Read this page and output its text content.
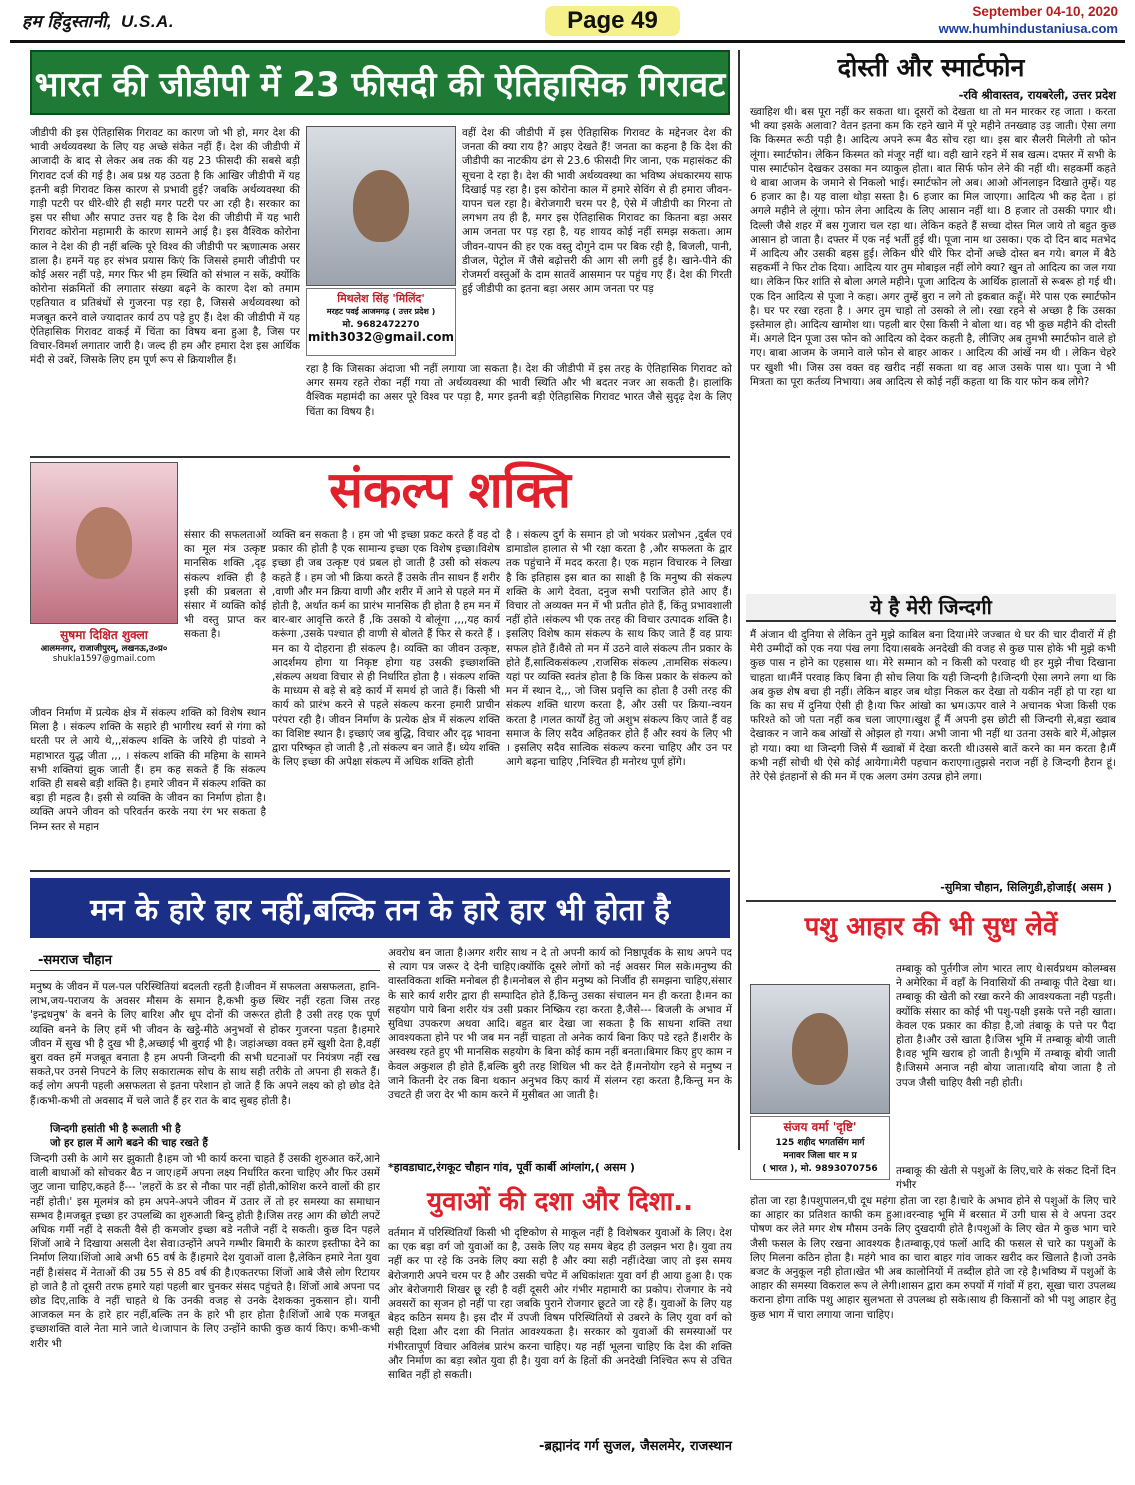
हम हिंदुस्तानी, U.S.A.	Page 49	September 04-10, 2020
www.humhindustaniusa.com
भारत की जीडीपी में 23 फीसदी की ऐतिहासिक गिरावट
जीडीपी की इस ऐतिहासिक गिरावट का कारण जो भी हो, मगर देश की भावी अर्थव्यवस्था के लिए यह अच्छे संकेत नहीं हैं। देश की जीडीपी में आजादी के बाद से लेकर अब तक की यह 23 फीसदी की सबसे बड़ी गिरावट दर्ज की गई है। अब प्रश्न यह उठता है कि आखिर जीडीपी में यह इतनी बड़ी गिरावट किस कारण से प्रभावी हुई? जबकि अर्थव्यवस्था की गाड़ी पटरी पर धीरे-धीरे ही सही मगर पटरी पर आ रही है। सरकार का इस पर सीधा और सपाट उत्तर यह है कि देश की जीडीपी में यह भारी गिरावट कोरोना महामारी के कारण सामने आई है। इस वैश्विक कोरोना काल ने देश की ही नहीं बल्कि पूरे विश्व की जीडीपी पर ऋणात्मक असर डाला है। हमनें यह हर संभव प्रयास किएं कि जिससे हमारी जीडीपी पर कोई असर नहीं पड़े, मगर फिर भी हम स्थिति को संभाल न सकें, क्योंकि कोरोना संक्रमितों की लगातार संख्या बढ़ने के कारण देश को तमाम एहतियात व प्रतिबंधों से गुजरना पड़ रहा है, जिससे अर्थव्यवस्था को मजबूत करने वाले ज्यादातर कार्य ठप पड़े हुए हैं। देश की जीडीपी में यह ऐतिहासिक गिरावट वाकई में चिंता का विषय बना हुआ है, जिस पर विचार-विमर्श लगातार जारी है। जल्द ही हम और हमारा देश इस आर्थिक मंदी से उबरें, जिसके लिए हम पूर्ण रूप से क्रियाशील हैं।
मिथलेश सिंह 'मिलिंद'
मरहट पवई आजमगढ़ ( उत्तर प्रदेश )
मो. 9682472270
mith3032@gmail.com
वहीं देश की जीडीपी में इस ऐतिहासिक गिरावट के मद्देनजर देश की जनता की क्या राय है? आइए देखते हैं! जनता का कहना है कि देश की जीडीपी का नाटकीय ढंग से 23.6 फीसदी गिर जाना, एक महासंकट की सूचना दे रहा है। देश की भावी अर्थव्यवस्था का भविष्य अंधकारमय साफ दिखाई पड़ रहा है। इस कोरोना काल में हमारे सेविंग से ही हमारा जीवन-यापन चल रहा है। बेरोजगारी चरम पर है, ऐसे में जीडीपी का गिरना तो लगभग तय ही है, मगर इस ऐतिहासिक गिरावट का कितना बड़ा असर आम जनता पर पड़ रहा है, यह शायद कोई नहीं समझ सकता। आम जीवन-यापन की हर एक वस्तु दोगुने दाम पर बिक रही है, बिजली, पानी, डीजल, पेट्रोल में जैसे बढ़ोत्तरी की आग सी लगी हुई है। खाने-पीने की रोजमर्रा वस्तुओं के दाम सातवें आसमान पर पहुंच गए हैं। देश की गिरती हुई जीडीपी का इतना बड़ा असर आम जनता पर पड़
रहा है कि जिसका अंदाजा भी नहीं लगाया जा सकता है। देश की जीडीपी में इस तरह के ऐतिहासिक गिरावट को अगर समय रहते रोका नहीं गया तो अर्थव्यवस्था की भावी स्थिति और भी बदतर नजर आ सकती है। हालांकि वैश्विक महामंदी का असर पूरे विश्व पर पड़ा है, मगर इतनी बड़ी ऐतिहासिक गिरावट भारत जैसे सुदृढ़ देश के लिए चिंता का विषय है।
सुषमा दिक्षित शुक्ला
आलमनगर, राजाजीपुरम्, लखनऊ,उ०प्र०
shukla1597@gmail.com
संकल्प शक्ति
संसार की सफलताओं का मूल मंत्र उत्कृष्ट मानसिक शक्ति ,दृढ़ संकल्प शक्ति ही है इसी की प्रबलता से संसार में व्यक्ति कोई भी वस्तु प्राप्त कर सकता है।
जीवन निर्माण में प्रत्येक क्षेत्र में संकल्प शक्ति को विशेष स्थान मिला है । संकल्प शक्ति के सहारे ही भागीरथ स्वर्ग से गंगा को धरती पर ले आये थे,,,संकल्प शक्ति के जरिये ही पांडवो ने महाभारत युद्ध जीता ,,, । संकल्प शक्ति की महिमा के सामने सभी शक्तियां झुक जाती हैं। हम कह सकते हैं कि संकल्प शक्ति ही सबसे बड़ी शक्ति है। हमारे जीवन में संकल्प शक्ति का बड़ा ही महत्व है। इसी से व्यक्ति के जीवन का निर्माण होता है। व्यक्ति अपने जीवन को परिवर्तन करके नया रंग भर सकता है निम्न स्तर से महान
व्यक्ति बन सकता है । हम जो भी इच्छा प्रकट करते हैं वह दो प्रकार की होती है एक सामान्य इच्छा एक विशेष इच्छा।विशेष इच्छा ही जब उत्कृष्ट एवं प्रबल हो जाती है उसी को संकल्प कहते हैं । हम जो भी क्रिया करते हैं उसके तीन साधन हैं शरीर ,वाणी और मन क्रिया वाणी और शरीर में आने से पहले मन में होती है, अर्थात कर्म का प्रारंभ मानसिक ही होता है हम मन में बार-बार आवृत्ति करते हैं ,कि उसको ये बोलूंगा ,,,,यह कार्य करूंगा ,उसके पश्चात ही वाणी से बोलते हैं फिर से करते हैं । मन का ये दोहराना ही संकल्प है। व्यक्ति का जीवन उत्कृष्ट, आदर्शमय होगा या निकृष्ट होगा यह उसकी इच्छाशक्ति ,संकल्प अथवा विचार से ही निर्धारित होता है । संकल्प शक्ति के माध्यम से बड़े से बड़े कार्य में समर्थ हो जाते हैं। किसी भी कार्य को प्रारंभ करने से पहले संकल्प करना हमारी प्राचीन परंपरा रही है। जीवन निर्माण के प्रत्येक क्षेत्र में संकल्प शक्ति का विशिष्ट स्थान है। इच्छाएं जब बुद्धि, विचार और दृढ़ भावना द्वारा परिष्कृत हो जाती है ,तो संकल्प बन जाते हैं। ध्येय शक्ति के लिए इच्छा की अपेक्षा संकल्प में अधिक शक्ति होती
है । संकल्प दुर्ग के समान हो जो भयंकर प्रलोभन ,दुर्बल एवं डामाडोल हालात से भी रक्षा करता है ,और सफलता के द्वार तक पहुंचाने में मदद करता है। एक महान विचारक ने लिखा है कि इतिहास इस बात का साक्षी है कि मनुष्य की संकल्प शक्ति के आगे देवता, दनुज सभी पराजित होते आए हैं। विचार तो अव्यक्त मन में भी प्रतीत होते हैं, किंतु प्रभावशाली नहीं होते ।संकल्प भी एक तरह की विचार उत्पादक शक्ति है। इसलिए विशेष काम संकल्प के साथ किए जाते हैं वह प्रायः सफल होते हैं।वैसे तो मन में उठने वाले संकल्प तीन प्रकार के होते हैं,सात्विकसंकल्प ,राजसिक संकल्प ,तामसिक संकल्प। यहां पर व्यक्ति स्वतंत्र होता है कि किस प्रकार के संकल्प को मन में स्थान दे,,, जो जिस प्रवृत्ति का होता है उसी तरह की संकल्प शक्ति धारण करता है, और उसी पर क्रिया-न्वयन करता है ।गलत कार्यों हेतु जो अशुभ संकल्प किए जाते हैं वह समाज के लिए सदैव अहितकर होते हैं और स्वयं के लिए भी । इसलिए सदैव सात्विक संकल्प करना चाहिए और उन पर आगे बढ़ना चाहिए ,निश्चित ही मनोरथ पूर्ण होंगे।
दोस्ती और स्मार्टफोन
-रवि श्रीवास्तव, रायबरेली, उत्तर प्रदेश
ख्वाहिश थी। बस पूरा नहीं कर सकता था। दूसरों को देखता था तो मन मारकर रह जाता । करता भी क्या इसके अलावा? वेतन इतना कम कि रहने खाने में पूरे महीने तनख्वाह उड़ जाती। ऐसा लगा कि किस्मत रूठी पड़ी है। आदित्य अपने रूम बैठ सोच रहा था। इस बार सैलरी मिलेगी तो फोन लूंगा। स्मार्टफोन। लेकिन किस्मत को मंजूर नहीं था। वही खाने रहने में सब खत्म। दफ्तर में सभी के पास स्मार्टफोन देखकर उसका मन व्याकुल होता। बात सिर्फ फोन लेने की नहीं थी। सहकर्मी कहते थे बाबा आजम के जमाने से निकलो भाई। स्मार्टफोन लो अब। आओ ऑनलाइन दिखाते तुम्हें। यह 6 हजार का है। यह वाला थोड़ा सस्ता है। 6 हजार का मिल जाएगा। आदित्य भी कह देता । हां अगले महीने ले लूंगा। फोन लेना आदित्य के लिए आसान नहीं था। 8 हजार तो उसकी पगार थी। दिल्ली जैसे शहर में बस गुजारा चल रहा था। लेकिन कहते हैं सच्चा दोस्त मिल जाये तो बहुत कुछ आसान हो जाता है। दफ्तर में एक नई भर्ती हुई थी। पूजा नाम था उसका। एक दो दिन बाद मतभेद में आदित्य और उसकी बहस हुई। लेकिन धीरे धीरे फिर दोनों अच्छे दोस्त बन गये। बगल में बैठे सहकर्मी ने फिर टोक दिया। आदित्य यार तुम मोबाइल नहीं लोगे क्या? खुन तो आदित्य का जल गया था। लेकिन फिर शांति से बोला अगले महीने। पूजा आदित्य के आर्थिक हालातों से रूबरू हो गई थी। एक दिन आदित्य से पूजा ने कहा। अगर तुम्हें बुरा न लगे तो इकबात कहूँ। मेरे पास एक स्मार्टफोन है। घर पर रखा रहता है । अगर तुम चाहो तो उसको ले लो। रखा रहने से अच्छा है कि उसका इस्तेमाल हो। आदित्य खामोश था। पहली बार ऐसा किसी ने बोला था। वह भी कुछ महीने की दोस्ती में। अगले दिन पूजा उस फोन को आदित्य को देकर कहती है, लीजिए अब तुमभी स्मार्टफोन वाले हो गए। बाबा आजम के जमाने वाले फोन से बाहर आकर । आदित्य की आंखें नम थी । लेकिन चेहरे पर खुशी भी। जिस उस वक्त वह खरीद नहीं सकता था वह आज उसके पास था। पूजा ने भी मित्रता का पूरा कर्तव्य निभाया। अब आदित्य से कोई नहीं कहता था कि यार फोन कब लोगे?
ये है मेरी जिन्दगी
मैं अंजान थी दुनिया से लेकिन तुने मुझे काबिल बना दिया।मेरे जज्बात थे घर की चार दीवारों में ही मेरी उम्मीदों को एक नया पंख लगा दिया।सबके अनदेखी की वजह से कुछ पास होके भी मुझे कभी कुछ पास न होने का एहसास था। मेरे सम्मान को न किसी को परवाह थी हर मुझे नीचा दिखाना चाहता था।मैंनें परवाह किए बिना ही सोच लिया कि यही जिन्दगी है।जिन्दगी ऐसा लगने लगा था कि अब कुछ शेष बचा ही नहीं। लेकिन बाहर जब थोड़ा निकल कर देखा तो यकीन नहीं हो पा रहा था कि का सच में दुनिया ऐसी ही है।या फिर आंखो का भ्रम।ऊपर वाले ने अचानक भेजा किसी एक फरिश्ते को जो पता नहीं कब चला जाएगा।खुश हूँ मैं अपनी इस छोटी सी जिन्दगी से,बड़ा ख्वाब देखाकर न जाने कब आंखों से ओझल हो गया। अभी जाना भी नहीं था उतना उसके बारे में,ओझल हो गया। क्या था जिन्दगी जिसे मैं ख्वाबों में देखा करती थी।उससे बातें करने का मन करता है।मैं कभी नहीं सोची थी ऐसे कोई आयेगा।मेरी पहचान कराएगा।तुझसे नराज नहीं हे जिन्दगी हैरान हूं। तेरे ऐसे इंतहानों से की मन में एक अलग उमंग उत्पन्न होने लगा।
-सुमित्रा चौहान, सिलिगुडी,होजाई( असम )
मन के हारे हार नहीं,बल्कि तन के हारे हार भी होता है
-समराज चौहान
मनुष्य के जीवन में पल-पल परिस्थितियां बदलती रहती है।जीवन में सफलता असफलता, हानि-लाभ,जय-पराजय के अवसर मौसम के समान है,कभी कुछ स्थिर नहीं रहता जिस तरह 'इन्द्रधनुष' के बनने के लिए बारिश और धूप दोनों की जरूरत होती है उसी तरह एक पूर्ण व्यक्ति बनने के लिए हमें भी जीवन के खट्ठे-मीठे अनुभवों से होकर गुजरना पड़ता है।हमारे जीवन में सुख भी है दुख भी है,अच्छाई भी बुराई भी है। जहांअच्छा वक्त हमें खुशी देता है,वहीं बुरा वक्त हमें मजबूत बनाता है हम अपनी जिन्दगी की सभी घटनाओं पर नियंत्रण नहीं रख सकते,पर उनसे निपटने के लिए सकारात्मक सोच के साथ सही तरीके तो अपना ही सकते हैं।कई लोग अपनी पहली असफलता से इतना परेशान हो जाते हैं कि अपने लक्ष्य को हो छोड देते हैं।कभी-कभी तो अवसाद में चले जाते हैं हर रात के बाद सुबह होती है।
जिन्दगी हसांती भी है रूलाती भी है
जो हर हाल में आगे बढने की चाह रखते हैं
जिन्दगी उसी के आगे सर झुकाती है।हम जो भी कार्य करना चाहते हैं उसकी शुरुआत करें,आने वाली बाधाओं को सोचकर बैठ न जाए।हमें अपना लक्ष्य निर्धारित करना चाहिए और फिर उसमें जुट जाना चाहिए,कहते हैं--- 'लहरों के डर से नौका पार नहीं होती,कोशिश करने वालों की हार नहीं होती।' इस मूलमंत्र को हम अपने-अपने जीवन में उतार लें तो हर समस्या का समाधान सम्भव है।मजबूत इच्छा हर उपलब्धि का शुरुआती बिन्दु होती है।जिस तरह आग की छोटी लपटें अधिक गर्मी नहीं दे सकती वैसे ही कमजोर इच्छा बडे नतीजे नहीं दे सकती। कुछ दिन पहले शिंजों आबे ने दिखाया असली देश सेवा।उन्होंने अपने गम्भीर बिमारी के कारण इस्तीफा देने का निर्माण लिया।शिंजो आबे अभी 65 वर्ष के हैं।हमारे देश युवाओं वाला है,लेकिन हमारे नेता युवा नहीं है।संसद में नेताओं की उम्र 55 से 85 वर्ष की है।एकतरफा शिंजों आबे जैसे लोग रिटायर हो जाते है तो दूसरी तरफ हमारे यहां पहली बार चुनकर संसद पहुंचते है। शिंजों आबे अपना पद छोड दिए,ताकि वे नहीं चाहते थे कि उनकी वजह से उनके देशकका नुकसान हो। यानी आजकल मन के हारे हार नहीं,बल्कि तन के हारे भी हार होता है।शिंजों आबे एक मजबूत इच्छाशक्ति वाले नेता माने जाते थे।जापान के लिए उन्होंने काफी कुछ कार्य किए। कभी-कभी शरीर भी
अवरोध बन जाता है।अगर शरीर साथ न दे तो अपनी कार्य को निष्ठापूर्वक के साथ अपने पद से त्याग पत्र जरूर दे देनी चाहिए।क्योंकि दूसरे लोगों को नई अवसर मिल सके।मनुष्य की वास्तविकता शक्ति मनोबल ही है।मनोबल से हीन मनुष्य को निर्जीव ही समझना चाहिए,संसार के सारे कार्य शरीर द्वारा ही सम्पादित होते हैं,किन्तु उसका संचालन मन ही करता है।मन का सहयोग पाये बिना शरीर यंत्र उसी प्रकार निष्क्रिय रहा करता है,जैसे--- बिजली के अभाव में सुविधा उपकरण अथवा आदि। बहुत बार देखा जा सकता है कि साधना शक्ति तथा आवश्यकता होने पर भी जब मन नहीं चाहता तो अनेक कार्य बिना किए पडे रहते हैं।शरीर के अस्वस्थ रहते हुए भी मानसिक सहयोग के बिना कोई काम नहीं बनता।बिमार किए हुए काम न केवल अकुशल ही होते हैं,बल्कि बुरी तरह शिथिल भी कर देते हैं।मनोयोग रहने से मनुष्य न जाने कितनी देर तक बिना थकान अनुभव किए कार्य में संलग्न रहा करता है,किन्तु मन के उचटते ही जरा देर भी काम करने में मुसीबत आ जाती है।
*हावडाघाट,रंगकूट चौहान गांव, पूर्वी कार्बी आंग्लांग,( असम )
युवाओं की दशा और दिशा..
वर्तमान में परिस्थितियाँ किसी भी दृष्टिकोण से माकूल नहीं है विशेषकर युवाओं के लिए। देश का एक बड़ा वर्ग जो युवाओं का है, उसके लिए यह समय बेहद ही उलझन भरा है। युवा तय नहीं कर पा रहे कि उनके लिए क्या सही है और क्या सही नहीं।देखा जाए तो इस समय बेरोजगारी अपने चरम पर है और उसकी चपेट में अधिकांशतः युवा वर्ग ही आया हुआ है। एक ओर बेरोजगारी शिखर छू रही है वहीं दूसरी ओर गंभीर महामारी का प्रकोप। रोजगार के नये अवसरों का सृजन हो नहीं पा रहा जबकि पुराने रोजगार छूटते जा रहे हैं। युवाओं के लिए यह बेहद कठिन समय है। इस दौर में उपजी विषम परिस्थितियों से उबरने के लिए युवा वर्ग को सही दिशा और दशा की नितांत आवश्यकता है। सरकार को युवाओं की समस्याओं पर गंभीरतापूर्ण विचार अविलंब प्रारंभ करना चाहिए। यह नहीं भूलना चाहिए कि देश की शक्ति और निर्माण का बड़ा स्त्रोत युवा ही है। युवा वर्ग के हितों की अनदेखी निश्चित रूप से उचित साबित नहीं हो सकती।
-ब्रह्मानंद गर्ग सुजल, जैसलमेर, राजस्थान
पशु आहार की भी सुध लेवें
संजय वर्मा 'दृष्टि'
125 शहीद भगतसिंग मार्ग
मनावर जिला धार म प्र
( भारत ), मो. 9893070756
तम्बाकू को पुर्तगीज लोग भारत लाए थे।सर्वप्रथम कोलम्बस ने अमेरिका में वहाँ के निवासियों की तम्बाकू पीते देखा था।तम्बाकू की खेती को रखा करने की आवश्यकता नही पड़ती।क्योंकि संसार का कोई भी पशु-पक्षी इसके पत्ते नही खाता।केवल एक प्रकार का कीड़ा है,जो तंबाकू के पत्ते पर पैदा होता है।और उसे खाता है।जिस भूमि में तम्बाकू बोयी जाती है।वह भूमि खराब हो जाती है।भूमि में तम्बाकू बोयी जाती है।जिसमे अनाज नही बोया जाता।यदि बोया जाता है तो उपज जैसी चाहिए वैसी नही होती।
तम्बाकू की खेती से पशुओं के लिए,चारे के संकट दिनों दिन गंभीर
होता जा रहा है।पशुपालन,घी दूध महंगा होता जा रहा है।चारे के अभाव होने से पशुओं के लिए चारे का आहार का प्रतिशत काफी कम हुआ।वरन्वाह भूमि में बरसात में उगी घास से वे अपना उदर पोषण कर लेते मगर शेष मौसम उनके लिए दुखदायी होते है।पशुओं के लिए खेत मे कुछ भाग चारे जैसी फसल के लिए रखना आवश्यक है।तम्बाकू,एवं फलों आदि की फसल से चारे का पशुओं के लिए मिलना कठिन होता है। महंगे भाव का चारा बाहर गांव जाकर खरीद कर खिलाते है।जो उनके बजट के अनुकूल नही होता।खेत भी अब कालोनियों में तब्दील होते जा रहे है।भविष्य में पशुओं के आहार की समस्या विकराल रूप ले लेगी।शासन द्वारा कम रुपयों में गांवों में हरा, सूखा चारा उपलब्ध कराना होगा ताकि पशु आहार सुलभता से उपलब्ध हो सके।साथ ही किसानों को भी पशु आहार हेतु कुछ भाग में चारा लगाया जाना चाहिए।
